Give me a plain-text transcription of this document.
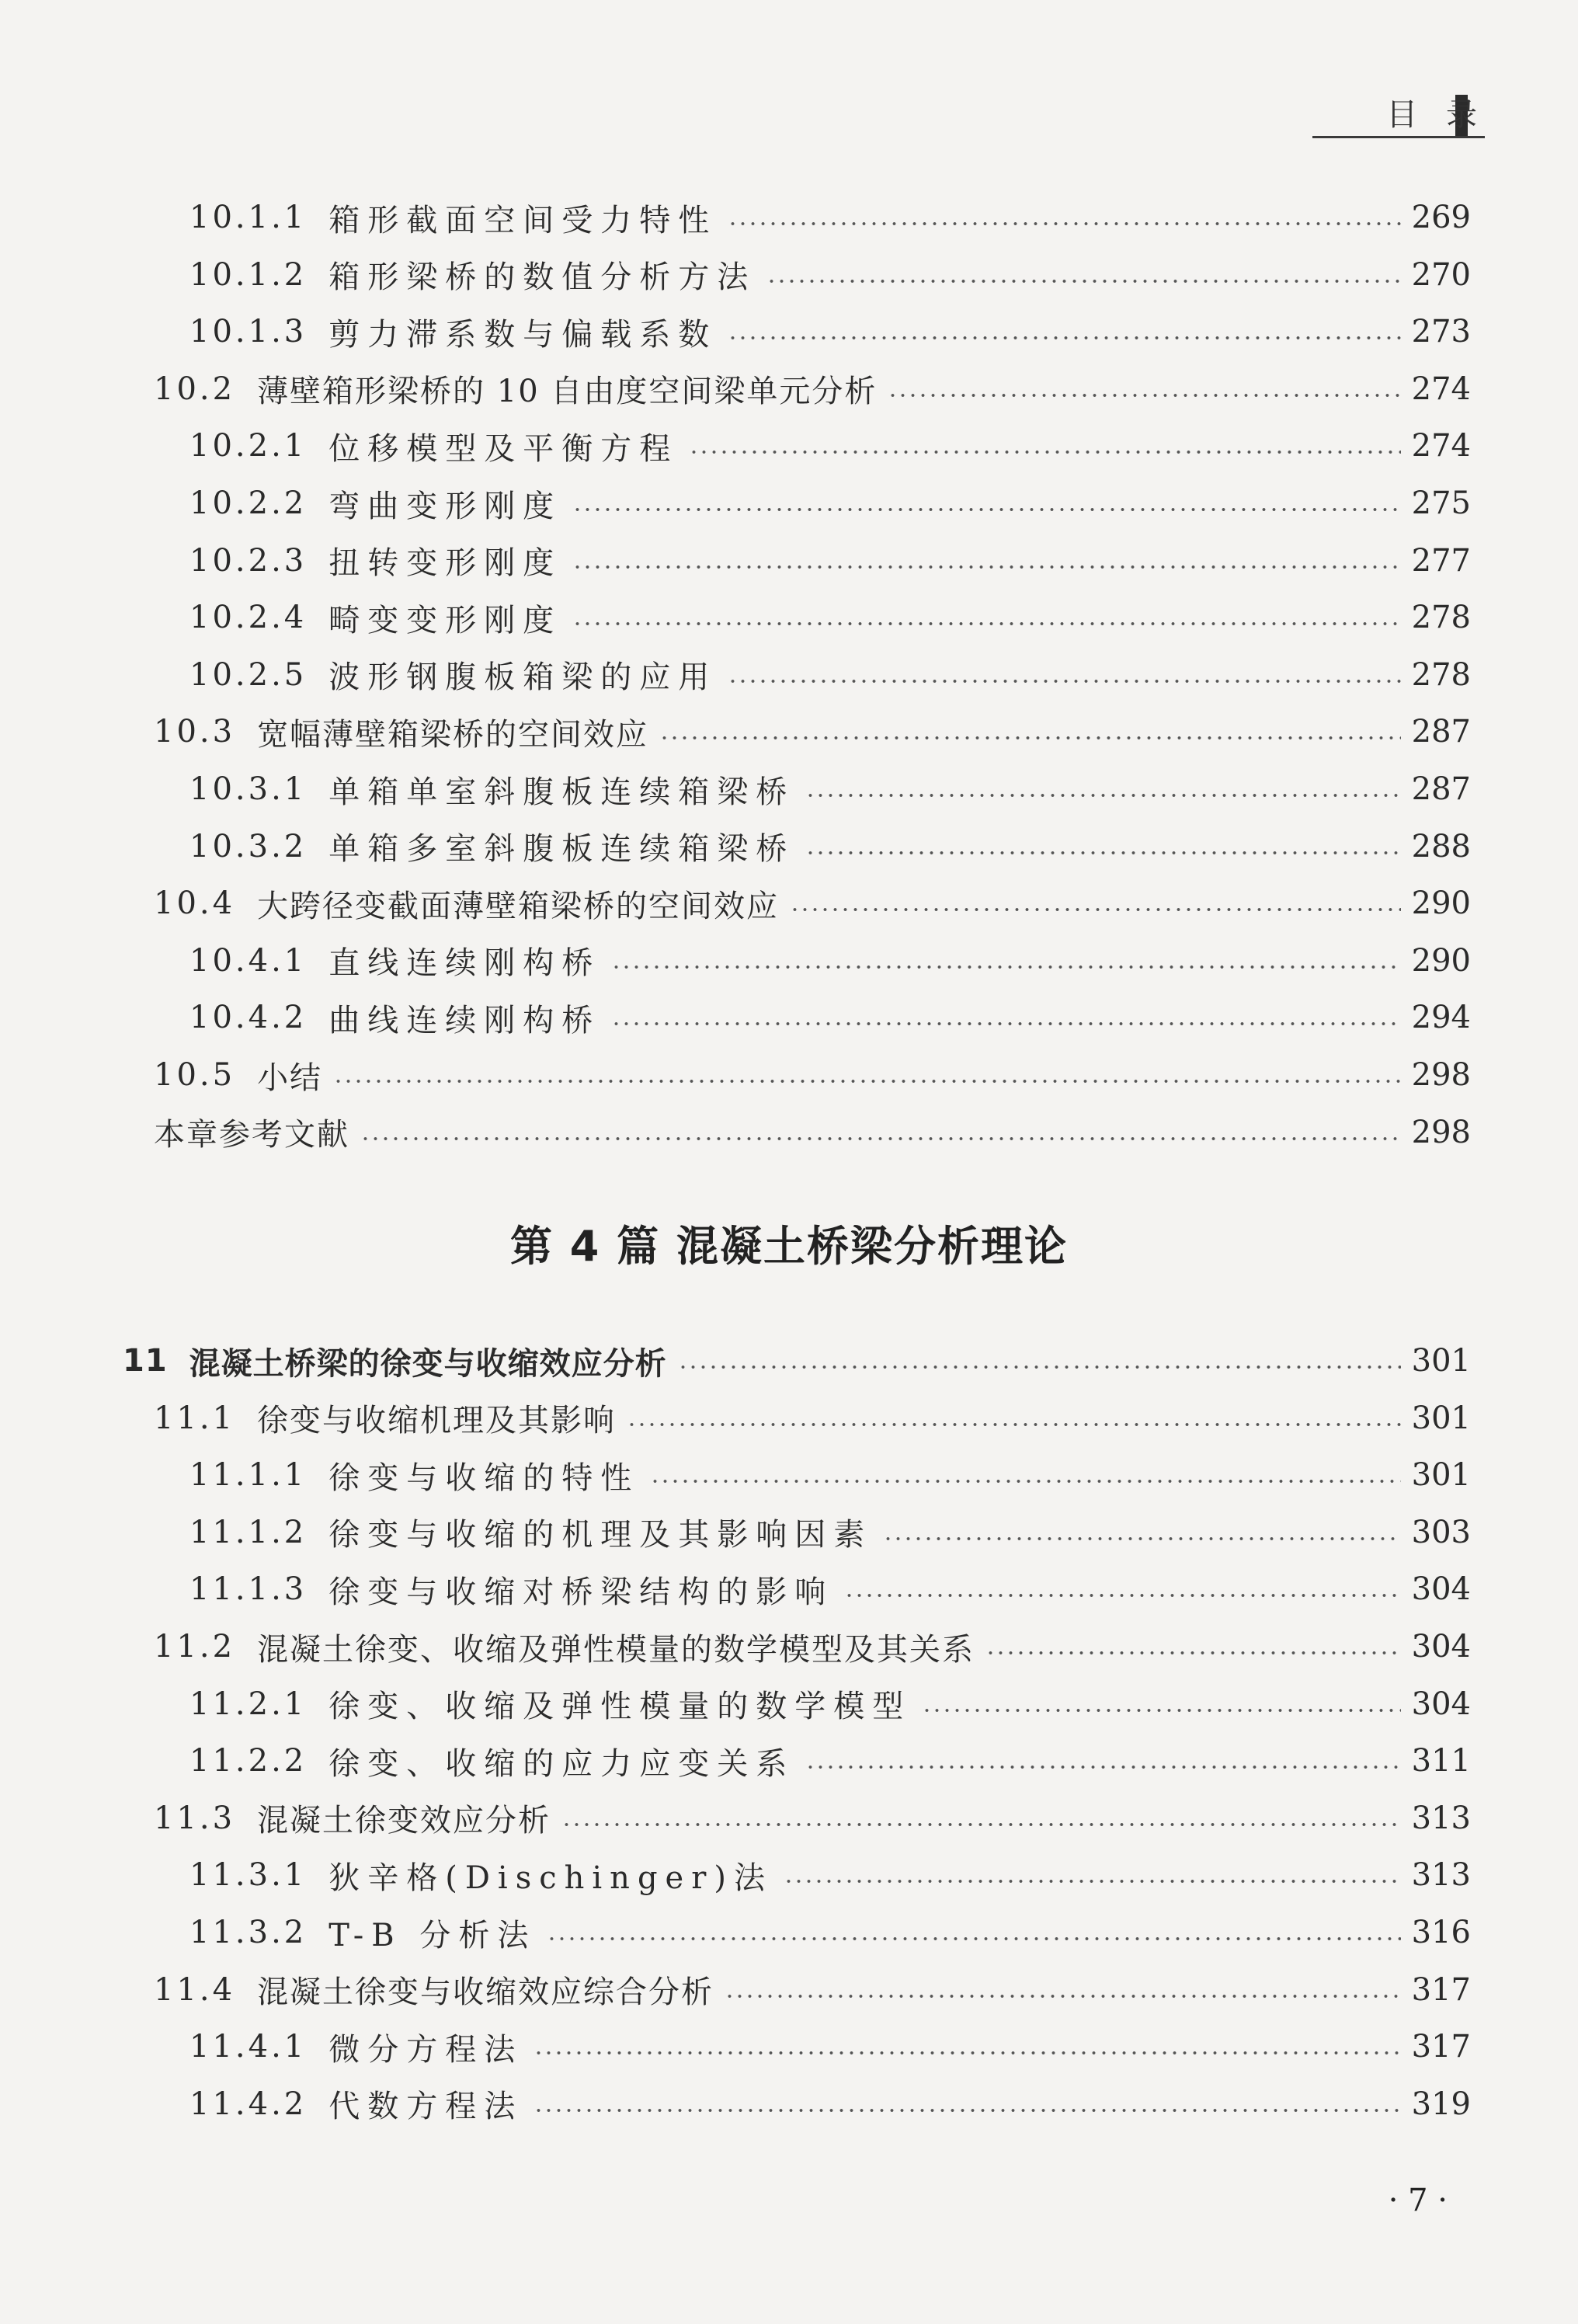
目 录
10.1.1 箱形截面空间受力特性	269
10.1.2 箱形梁桥的数值分析方法	270
10.1.3 剪力滞系数与偏载系数	273
10.2 薄壁箱形梁桥的 10 自由度空间梁单元分析	274
10.2.1 位移模型及平衡方程	274
10.2.2 弯曲变形刚度	275
10.2.3 扭转变形刚度	277
10.2.4 畸变变形刚度	278
10.2.5 波形钢腹板箱梁的应用	278
10.3 宽幅薄壁箱梁桥的空间效应	287
10.3.1 单箱单室斜腹板连续箱梁桥	287
10.3.2 单箱多室斜腹板连续箱梁桥	288
10.4 大跨径变截面薄壁箱梁桥的空间效应	290
10.4.1 直线连续刚构桥	290
10.4.2 曲线连续刚构桥	294
10.5 小结	298
本章参考文献	298
第 4 篇 混凝土桥梁分析理论
11 混凝土桥梁的徐变与收缩效应分析	301
11.1 徐变与收缩机理及其影响	301
11.1.1 徐变与收缩的特性	301
11.1.2 徐变与收缩的机理及其影响因素	303
11.1.3 徐变与收缩对桥梁结构的影响	304
11.2 混凝土徐变、收缩及弹性模量的数学模型及其关系	304
11.2.1 徐变、收缩及弹性模量的数学模型	304
11.2.2 徐变、收缩的应力应变关系	311
11.3 混凝土徐变效应分析	313
11.3.1 狄辛格(Dischinger)法	313
11.3.2 T-B 分析法	316
11.4 混凝土徐变与收缩效应综合分析	317
11.4.1 微分方程法	317
11.4.2 代数方程法	319
· 7 ·
